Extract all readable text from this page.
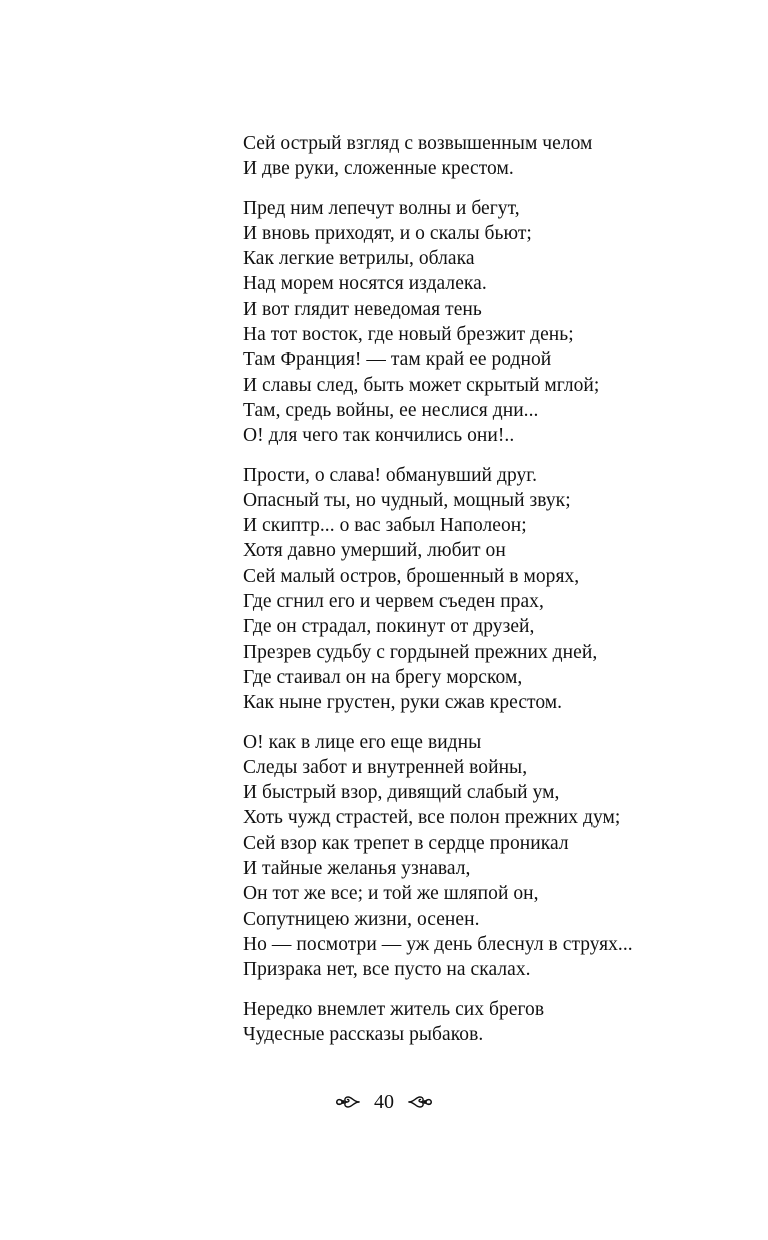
Сей острый взгляд с возвышенным челом
И две руки, сложенные крестом.
Пред ним лепечут волны и бегут,
И вновь приходят, и о скалы бьют;
Как легкие ветрилы, облака
Над морем носятся издалека.
И вот глядит неведомая тень
На тот восток, где новый брезжит день;
Там Франция! — там край ее родной
И славы след, быть может скрытый мглой;
Там, средь войны, ее неслися дни...
О! для чего так кончились они!..
Прости, о слава! обманувший друг.
Опасный ты, но чудный, мощный звук;
И скиптр... о вас забыл Наполеон;
Хотя давно умерший, любит он
Сей малый остров, брошенный в морях,
Где сгнил его и червем съеден прах,
Где он страдал, покинут от друзей,
Презрев судьбу с гордыней прежних дней,
Где стаивал он на брегу морском,
Как ныне грустен, руки сжав крестом.
О! как в лице его еще видны
Следы забот и внутренней войны,
И быстрый взор, дивящий слабый ум,
Хоть чужд страстей, все полон прежних дум;
Сей взор как трепет в сердце проникал
И тайные желанья узнавал,
Он тот же все; и той же шляпой он,
Сопутницею жизни, осенен.
Но — посмотри — уж день блеснул в струях...
Призрака нет, все пусто на скалах.
Нередко внемлет житель сих брегов
Чудесные рассказы рыбаков.
40
